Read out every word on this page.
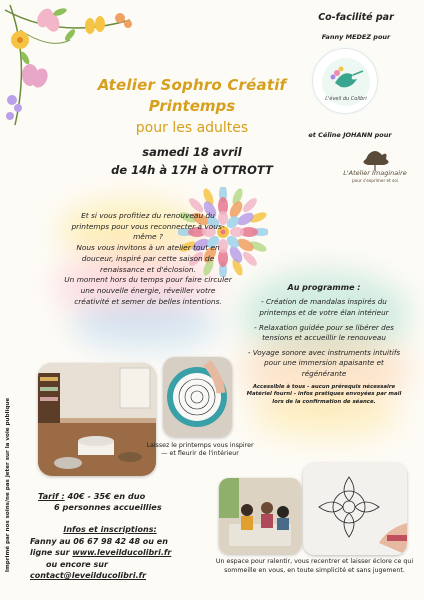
Co-facilité par
Fanny MEDEZ pour
L'éveil du Colibri
et Céline JOHANN pour
L'Atelier Imaginaire
pour s'exprimer et soi
Atelier Sophro Créatif
Printemps
pour les adultes
samedi 18 avril
de 14h à 17H à OTTROTT

Et si vous profitiez du renouveau du printemps pour vous reconnecter à vous-même ?

Nous vous invitons à un atelier tout en douceur, inspiré par cette saison de renaissance et d'éclosion.

Un moment hors du temps pour faire circuler une nouvelle énergie, réveiller votre créativité et semer de belles intentions.

Au programme :
- Création de mandalas inspirés du printemps et de votre élan intérieur
- Relaxation guidée pour se libérer des tensions et accueillir le renouveau
- Voyage sonore avec instruments intuitifs pour une immersion apaisante et régénérante
Accessible à tous - aucun prérequis nécessaire Matériel fourni - infos pratiques envoyées par mail lors de la confirmation de séance.
Laissez le printemps vous inspirer— et fleurir de l'intérieur
Tarif : 40€ - 35€ en duo
6 personnes accueillies
Infos et inscriptions:
Fanny au 06 67 98 42 48 ou en
ligne sur www.leveilducolibri.fr
ou encore sur
contact@leveilducolibri.fr
Un espace pour ralentir, vous recentrer et laisser éclore ce qui sommeille en vous, en toute simplicité et sans jugement.
Imprimé par nos soins/ne pas jeter sur la voie publique
